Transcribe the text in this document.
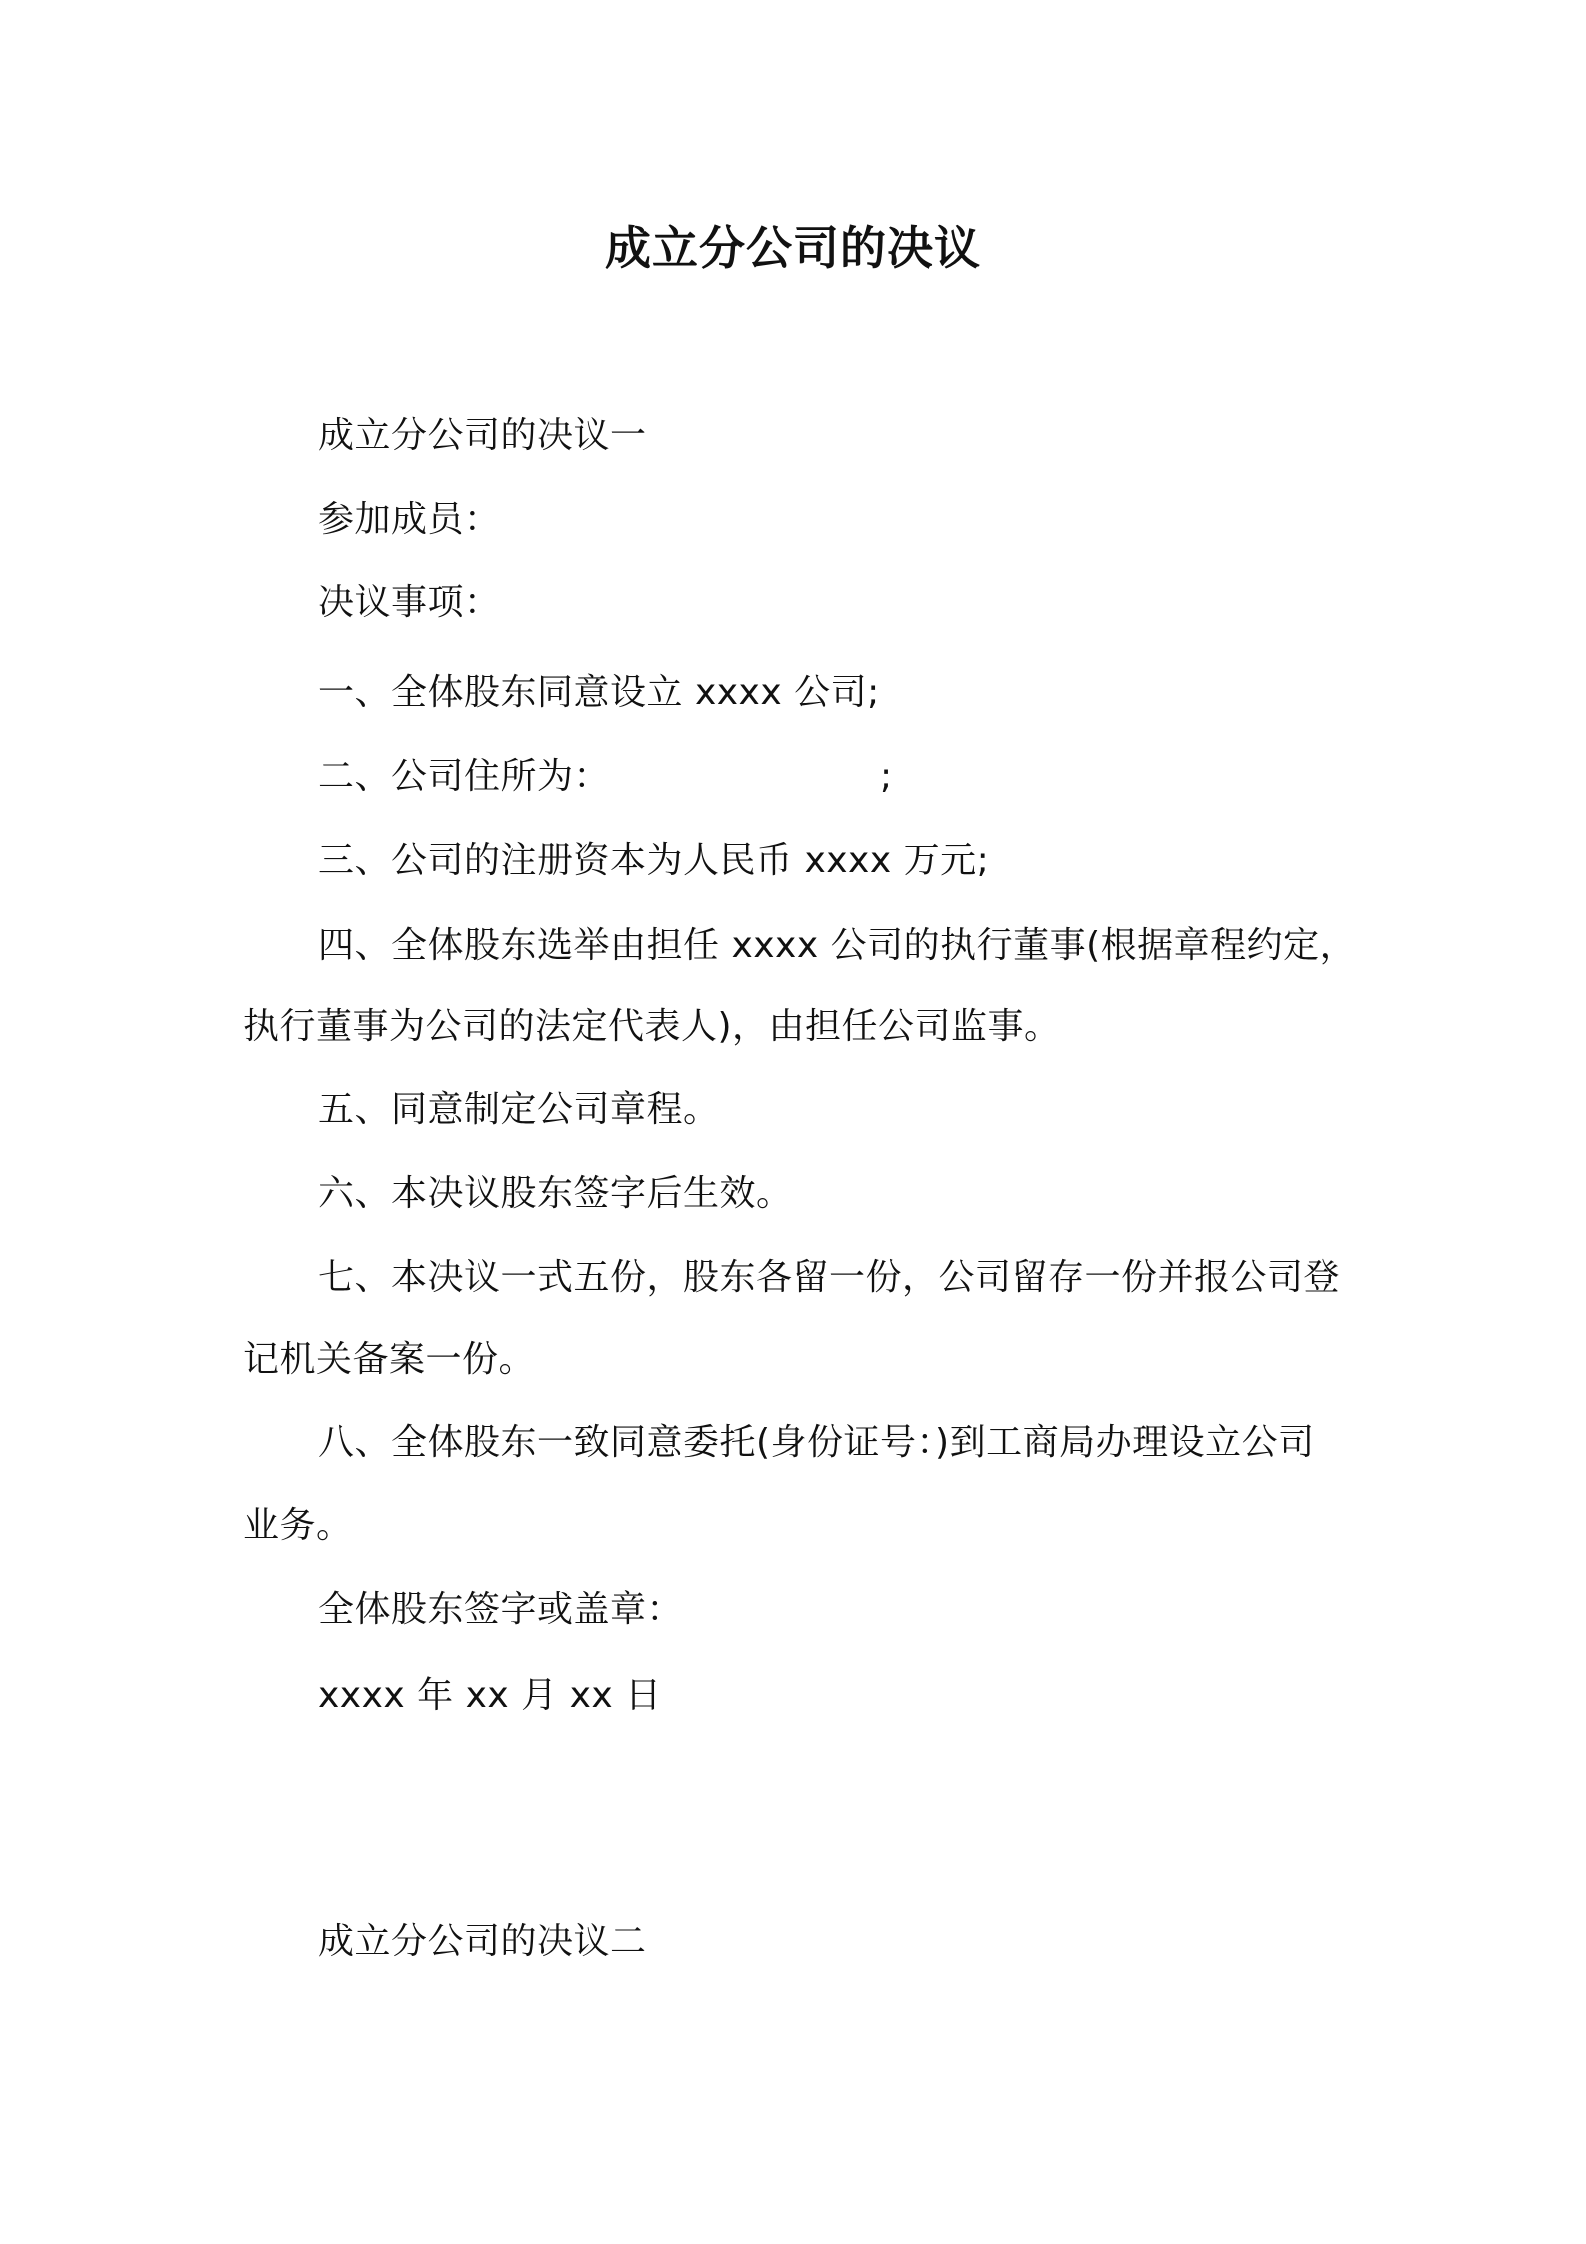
成立分公司的决议
成立分公司的决议一
参加成员：
决议事项：
一、全体股东同意设立 xxxx 公司;
二、公司住所为：	;
三、公司的注册资本为人民币 xxxx 万元;
四、全体股东选举由担任 xxxx 公司的执行董事(根据章程约定，
执行董事为公司的法定代表人)，由担任公司监事。
五、同意制定公司章程。
六、本决议股东签字后生效。
七、本决议一式五份，股东各留一份，公司留存一份并报公司登
记机关备案一份。
八、全体股东一致同意委托(身份证号：)到工商局办理设立公司
业务。
全体股东签字或盖章：
xxxx 年 xx 月 xx 日
成立分公司的决议二
